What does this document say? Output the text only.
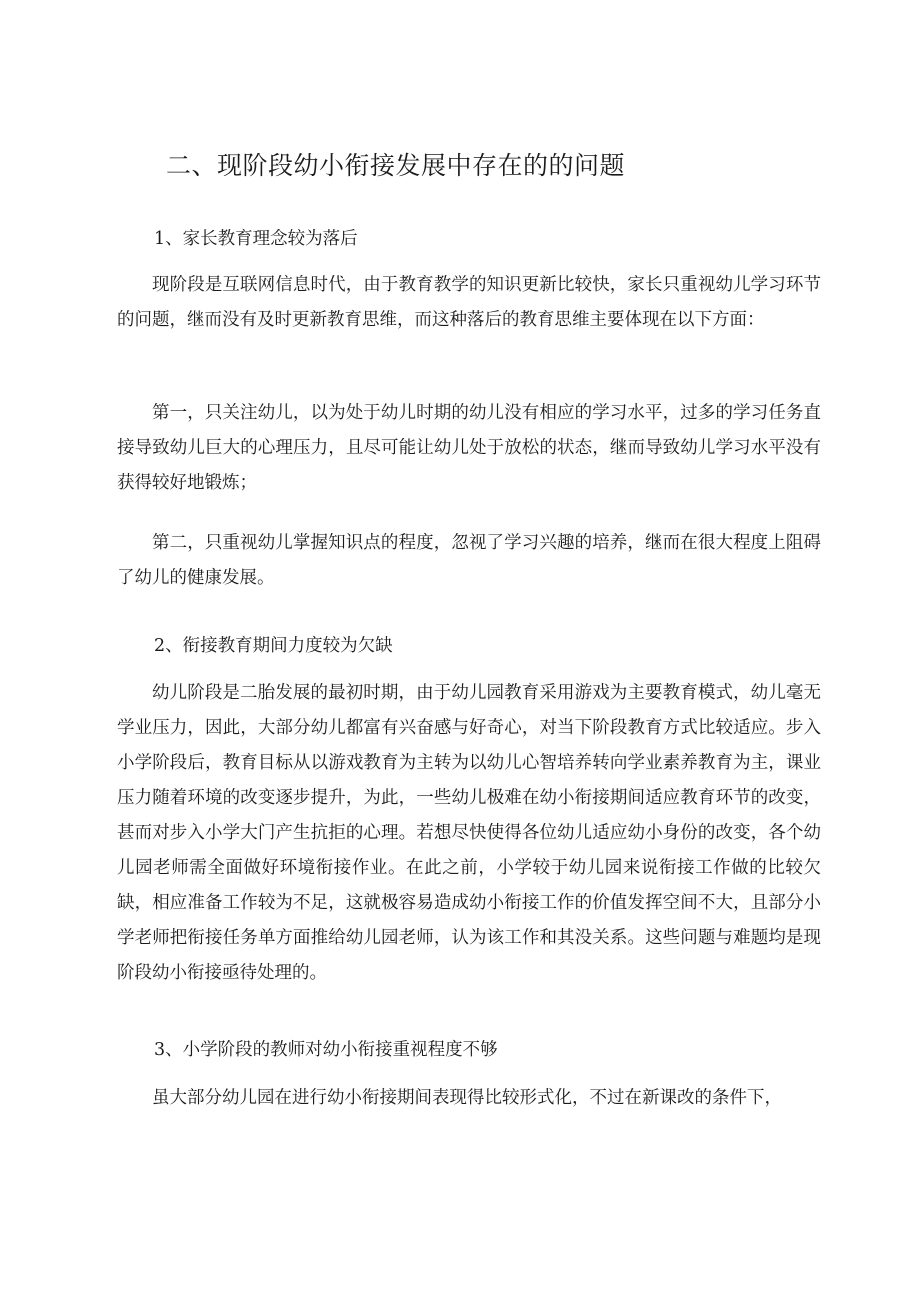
二、现阶段幼小衔接发展中存在的的问题
1、家长教育理念较为落后

现阶段是互联网信息时代，由于教育教学的知识更新比较快，家长只重视幼儿学习环节的问题，继而没有及时更新教育思维，而这种落后的教育思维主要体现在以下方面：

第一，只关注幼儿，以为处于幼儿时期的幼儿没有相应的学习水平，过多的学习任务直接导致幼儿巨大的心理压力，且尽可能让幼儿处于放松的状态，继而导致幼儿学习水平没有获得较好地锻炼；

第二，只重视幼儿掌握知识点的程度，忽视了学习兴趣的培养，继而在很大程度上阻碍了幼儿的健康发展。

2、衔接教育期间力度较为欠缺

幼儿阶段是二胎发展的最初时期，由于幼儿园教育采用游戏为主要教育模式，幼儿毫无学业压力，因此，大部分幼儿都富有兴奋感与好奇心，对当下阶段教育方式比较适应。步入小学阶段后，教育目标从以游戏教育为主转为以幼儿心智培养转向学业素养教育为主，课业压力随着环境的改变逐步提升，为此，一些幼儿极难在幼小衔接期间适应教育环节的改变，甚而对步入小学大门产生抗拒的心理。若想尽快使得各位幼儿适应幼小身份的改变，各个幼儿园老师需全面做好环境衔接作业。在此之前，小学较于幼儿园来说衔接工作做的比较欠缺，相应准备工作较为不足，这就极容易造成幼小衔接工作的价值发挥空间不大，且部分小学老师把衔接任务单方面推给幼儿园老师，认为该工作和其没关系。这些问题与难题均是现阶段幼小衔接亟待处理的。

3、小学阶段的教师对幼小衔接重视程度不够

虽大部分幼儿园在进行幼小衔接期间表现得比较形式化，不过在新课改的条件下，
